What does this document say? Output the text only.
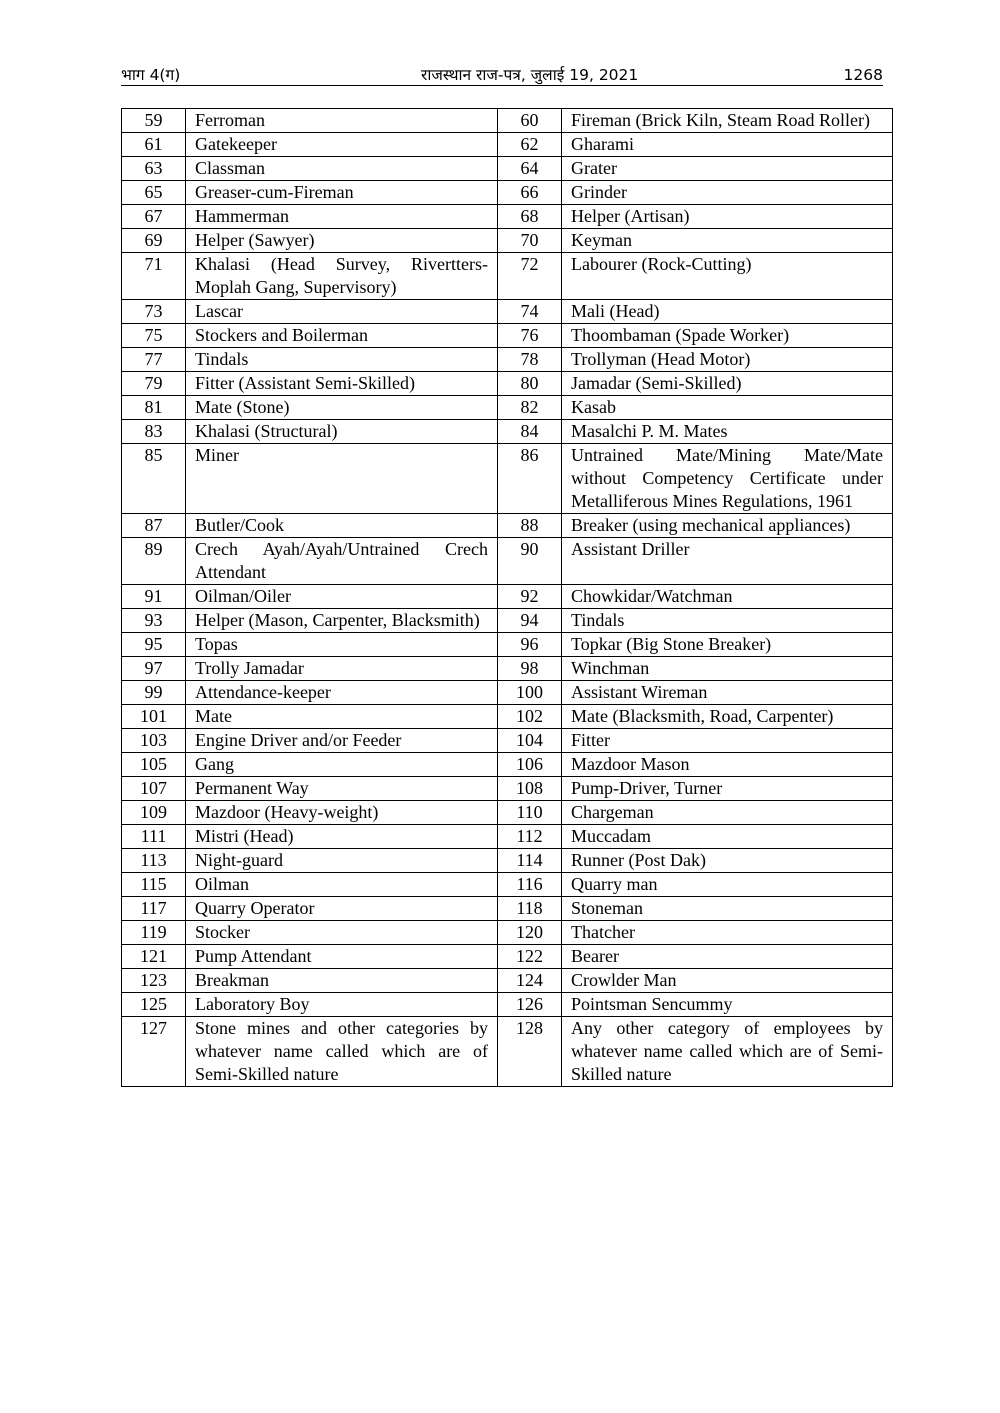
भाग 4(ग)	राजस्थान राज-पत्र, जुलाई 19, 2021	1268
59	Ferroman	60	Fireman (Brick Kiln, Steam Road Roller)
61	Gatekeeper	62	Gharami
63	Classman	64	Grater
65	Greaser-cum-Fireman	66	Grinder
67	Hammerman	68	Helper (Artisan)
69	Helper (Sawyer)	70	Keyman
71	Khalasi (Head Survey, Rivertters-Moplah Gang, Supervisory)	72	Labourer (Rock-Cutting)
73	Lascar	74	Mali (Head)
75	Stockers and Boilerman	76	Thoombaman (Spade Worker)
77	Tindals	78	Trollyman (Head Motor)
79	Fitter (Assistant Semi-Skilled)	80	Jamadar (Semi-Skilled)
81	Mate (Stone)	82	Kasab
83	Khalasi (Structural)	84	Masalchi P. M. Mates
85	Miner	86	Untrained Mate/Mining Mate/Mate without Competency Certificate under Metalliferous Mines Regulations, 1961
87	Butler/Cook	88	Breaker (using mechanical appliances)
89	Crech Ayah/Ayah/Untrained Crech Attendant	90	Assistant Driller
91	Oilman/Oiler	92	Chowkidar/Watchman
93	Helper (Mason, Carpenter, Blacksmith)	94	Tindals
95	Topas	96	Topkar (Big Stone Breaker)
97	Trolly Jamadar	98	Winchman
99	Attendance-keeper	100	Assistant Wireman
101	Mate	102	Mate (Blacksmith, Road, Carpenter)
103	Engine Driver and/or Feeder	104	Fitter
105	Gang	106	Mazdoor Mason
107	Permanent Way	108	Pump-Driver, Turner
109	Mazdoor (Heavy-weight)	110	Chargeman
111	Mistri (Head)	112	Muccadam
113	Night-guard	114	Runner (Post Dak)
115	Oilman	116	Quarry man
117	Quarry Operator	118	Stoneman
119	Stocker	120	Thatcher
121	Pump Attendant	122	Bearer
123	Breakman	124	Crowlder Man
125	Laboratory Boy	126	Pointsman Sencummy
127	Stone mines and other categories by whatever name called which are of Semi-Skilled nature	128	Any other category of employees by whatever name called which are of Semi-Skilled nature
